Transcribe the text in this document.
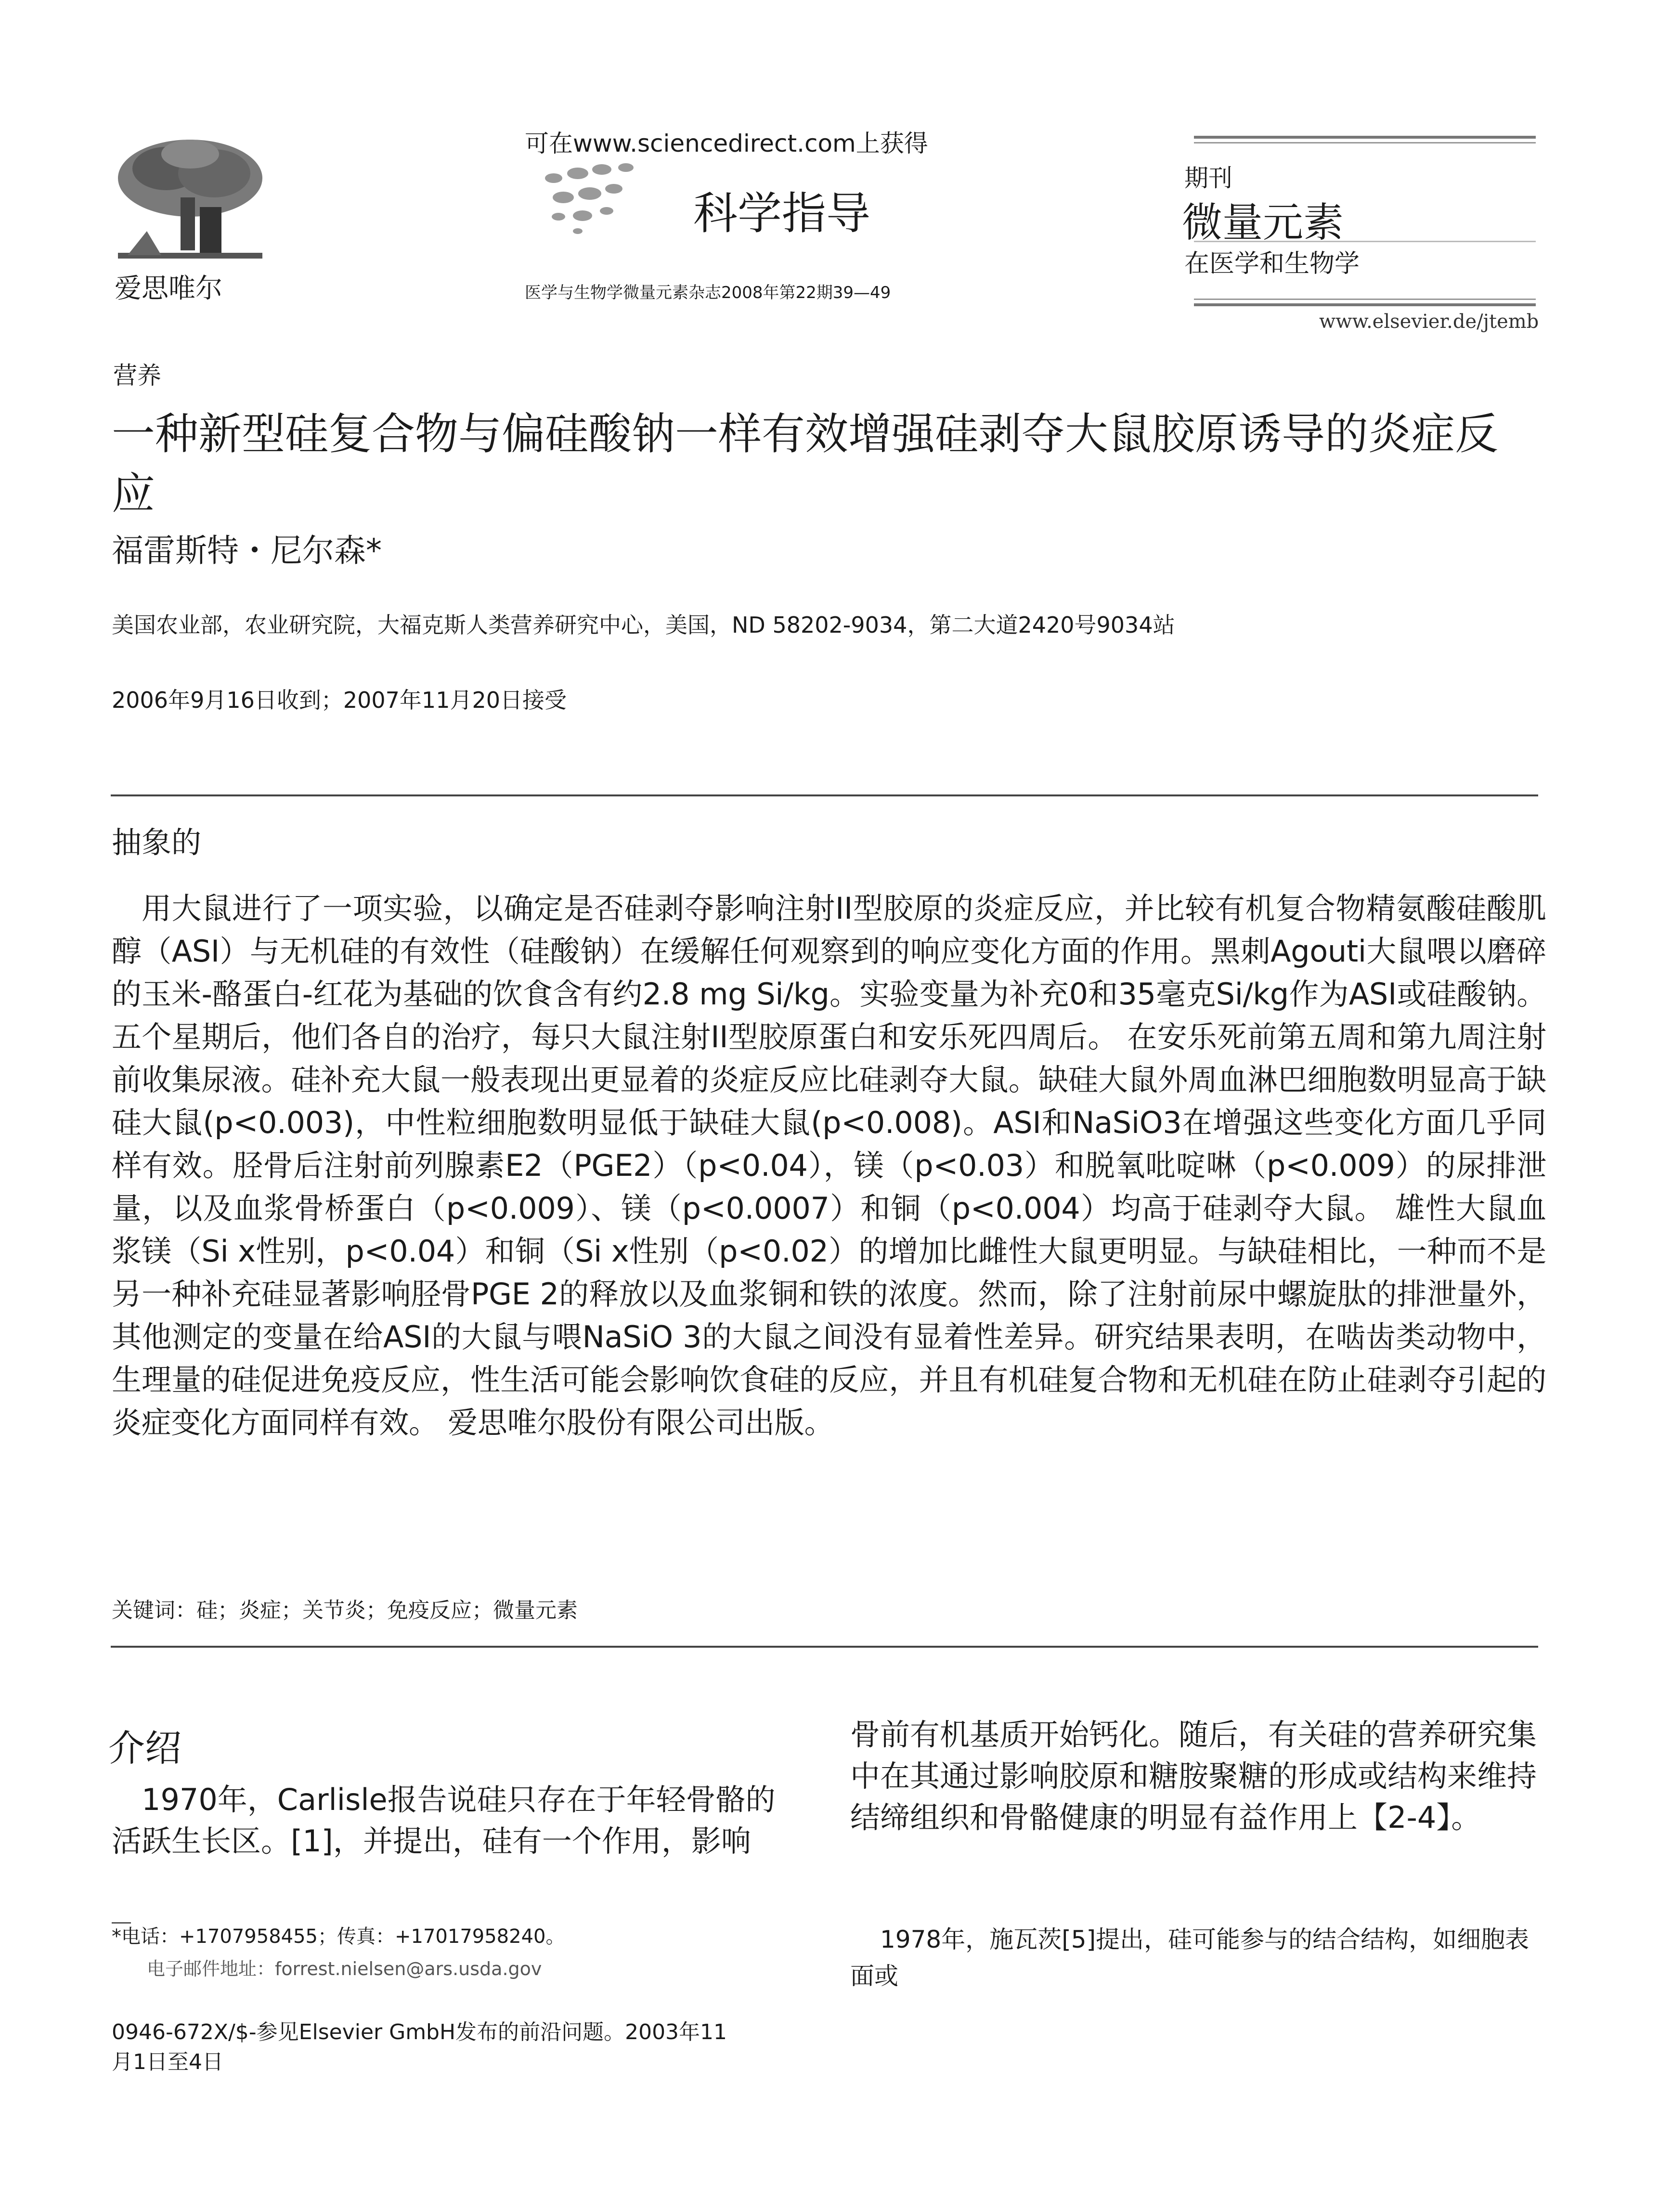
爱思唯尔
可在www.sciencedirect.com上获得
科学指导
医学与生物学微量元素杂志2008年第22期39—49
期刊
微量元素
在医学和生物学
www.elsevier.de/jtemb
营养
一种新型硅复合物与偏硅酸钠一样有效增强硅剥夺大鼠胶原诱导的炎症反应
福雷斯特・尼尔森*
美国农业部，农业研究院，大福克斯人类营养研究中心，美国，ND 58202-9034，第二大道2420号9034站
2006年9月16日收到；2007年11月20日接受
抽象的

用大鼠进行了一项实验，以确定是否硅剥夺影响注射II型胶原的炎症反应，并比较有机复合物精氨酸硅酸肌醇（ASI）与无机硅的有效性（硅酸钠）在缓解任何观察到的响应变化方面的作用。黑刺Agouti大鼠喂以磨碎的玉米-酪蛋白-红花为基础的饮食含有约2.8 mg Si/kg。实验变量为补充0和35毫克Si/kg作为ASI或硅酸钠。五个星期后，他们各自的治疗，每只大鼠注射II型胶原蛋白和安乐死四周后。 在安乐死前第五周和第九周注射前收集尿液。硅补充大鼠一般表现出更显着的炎症反应比硅剥夺大鼠。缺硅大鼠外周血淋巴细胞数明显高于缺硅大鼠(p<0.003)，中性粒细胞数明显低于缺硅大鼠(p<0.008)。ASI和NaSiO3在增强这些变化方面几乎同样有效。胫骨后注射前列腺素E2（PGE2）（p<0.04），镁（p<0.03）和脱氧吡啶啉（p<0.009）的尿排泄量，以及血浆骨桥蛋白（p<0.009）、镁（p<0.0007）和铜（p<0.004）均高于硅剥夺大鼠。 雄性大鼠血浆镁（Si x性别，p<0.04）和铜（Si x性别（p<0.02）的增加比雌性大鼠更明显。与缺硅相比，一种而不是另一种补充硅显著影响胫骨PGE 2的释放以及血浆铜和铁的浓度。然而，除了注射前尿中螺旋肽的排泄量外，其他测定的变量在给ASI的大鼠与喂NaSiO 3的大鼠之间没有显着性差异。研究结果表明，在啮齿类动物中，生理量的硅促进免疫反应，性生活可能会影响饮食硅的反应，并且有机硅复合物和无机硅在防止硅剥夺引起的炎症变化方面同样有效。 爱思唯尔股份有限公司出版。

关键词：硅；炎症；关节炎；免疫反应；微量元素
介绍

1970年，Carlisle报告说硅只存在于年轻骨骼的活跃生长区。[1]，并提出，硅有一个作用，影响

骨前有机基质开始钙化。随后，有关硅的营养研究集中在其通过影响胶原和糖胺聚糖的形成或结构来维持结缔组织和骨骼健康的明显有益作用上【2-4】。

1978年，施瓦茨[5]提出，硅可能参与的结合结构，如细胞表面或

*电话：+1707958455；传真：+17017958240。
电子邮件地址：forrest.nielsen@ars.usda.gov
0946-672X/$-参见Elsevier GmbH发布的前沿问题。2003年11月1日至4日
